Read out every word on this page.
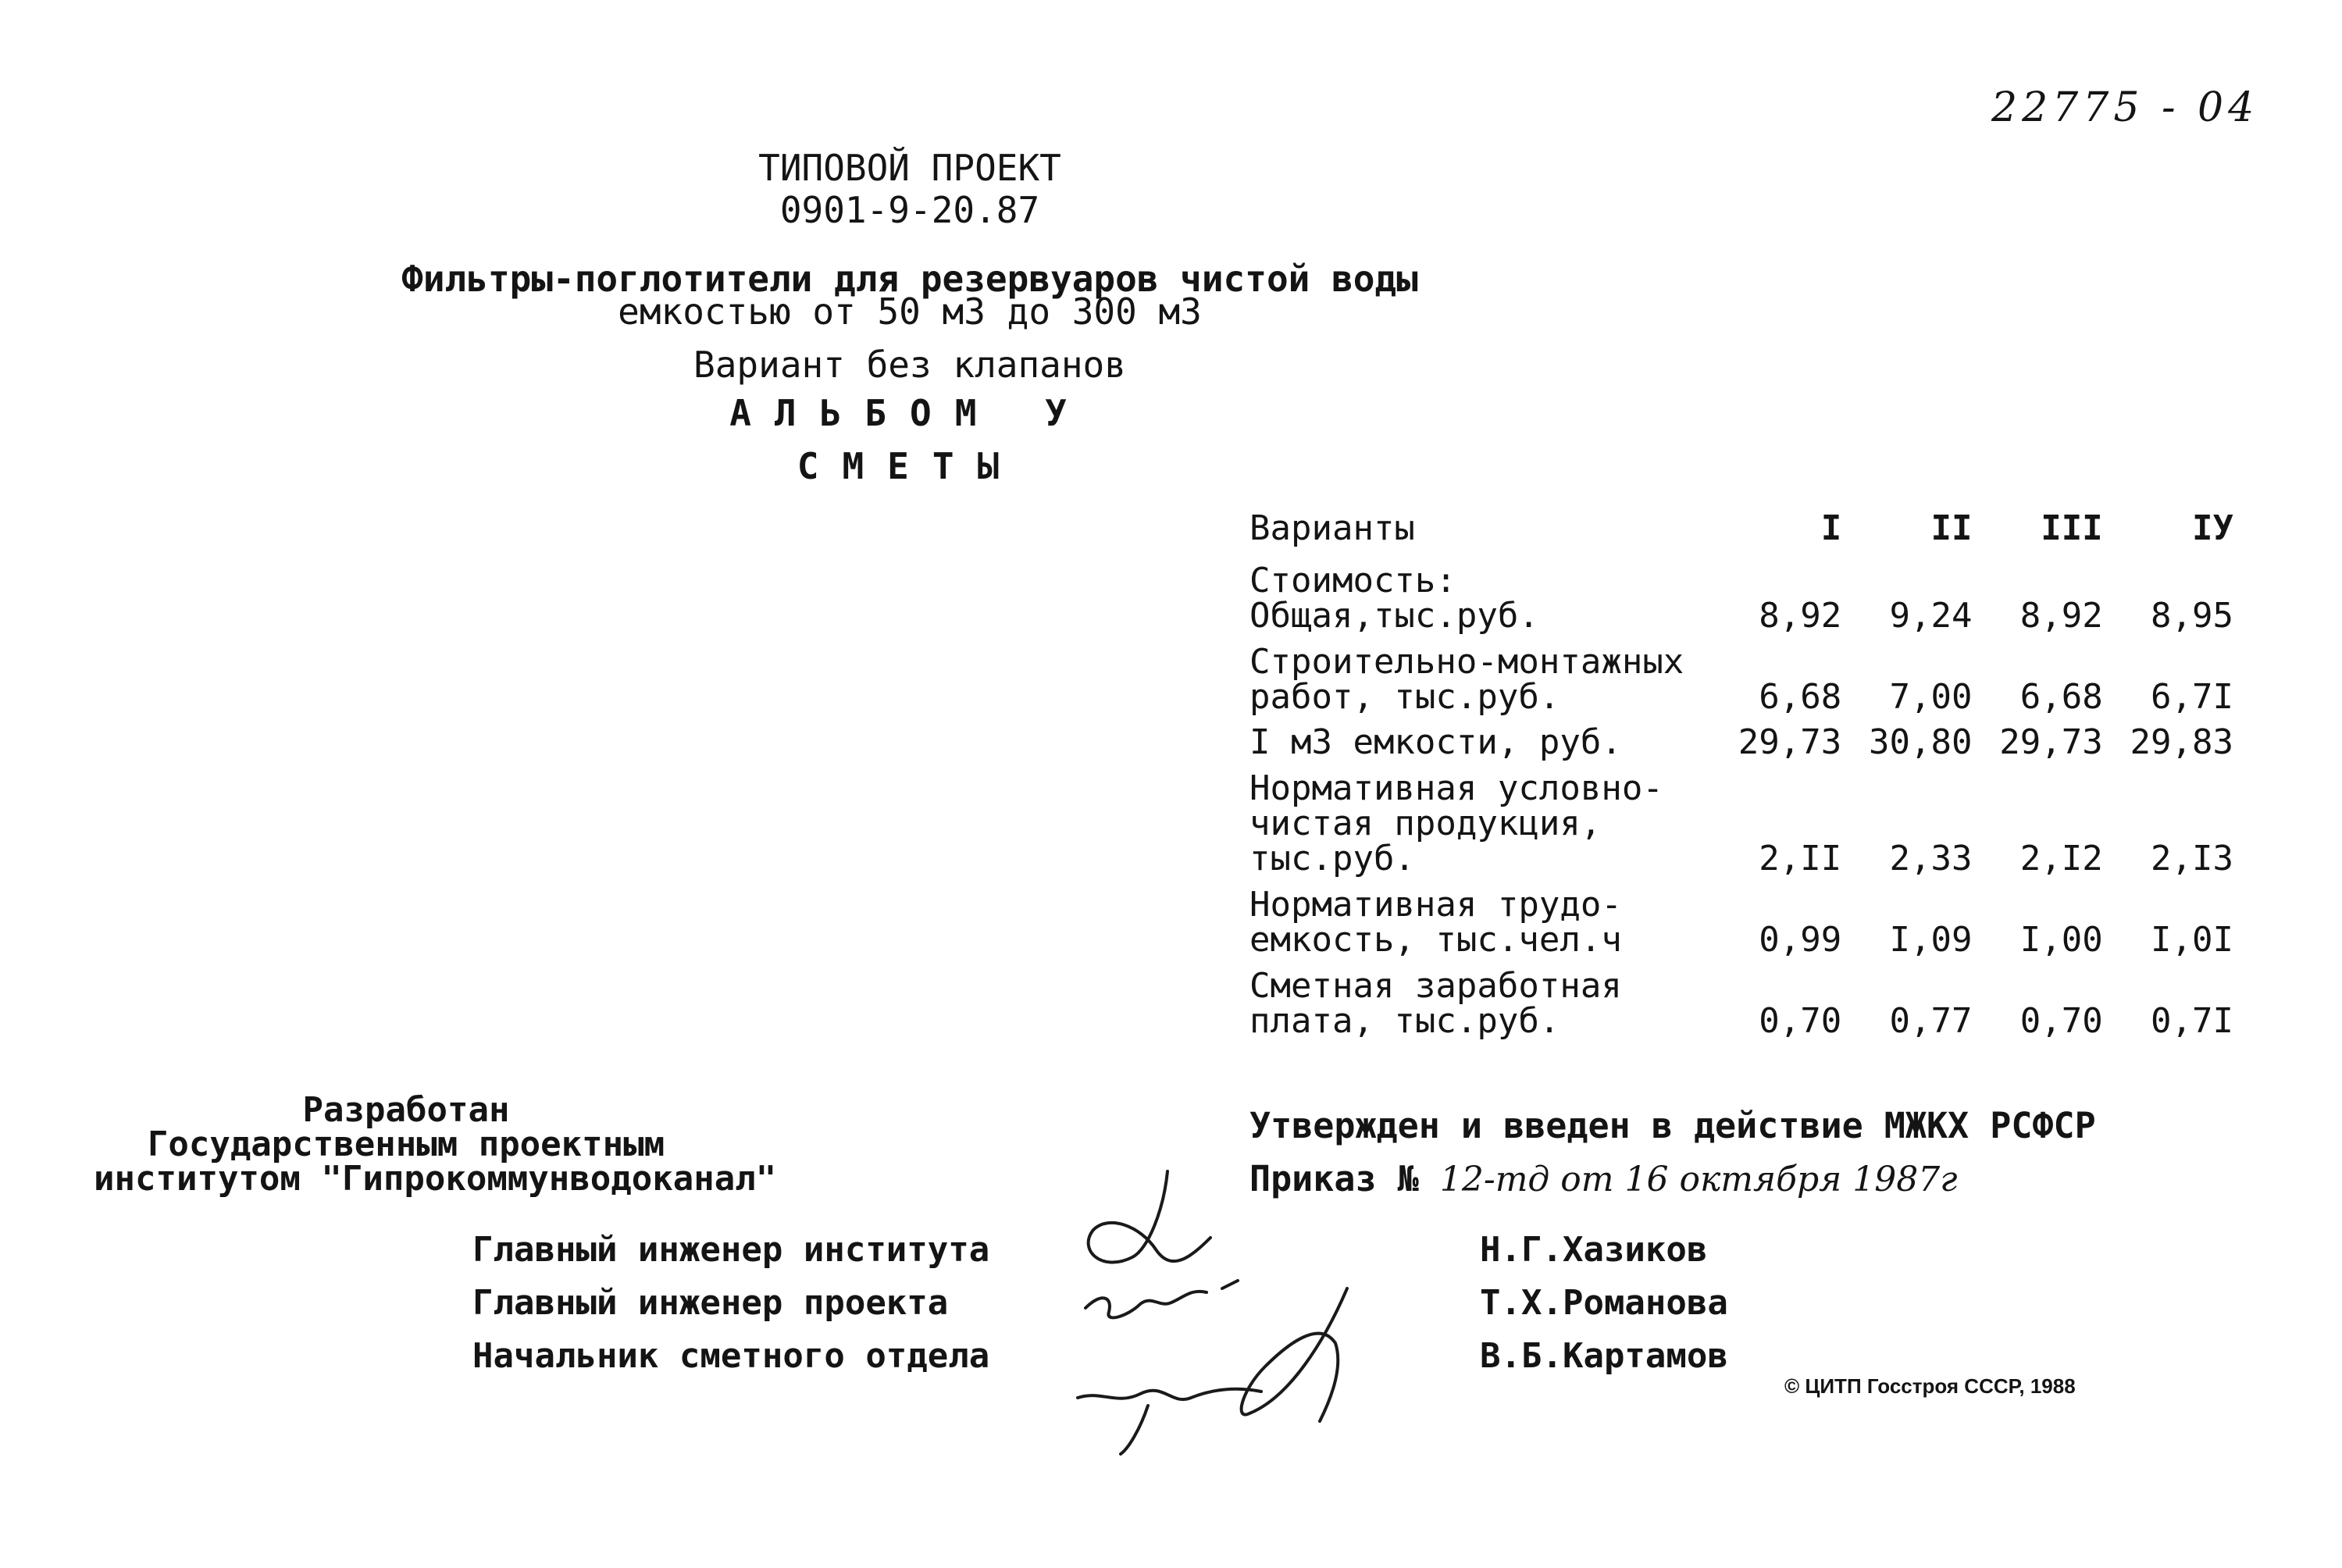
22775 - 04
ТИПОВОЙ ПРОЕКТ
0901-9-20.87
Фильтры-поглотители для резервуаров чистой воды
емкостью от 50 м3 до 300 м3
Вариант без клапанов
АЛЬБОМ У
СМЕТЫ
Варианты	I	II	III	IУ
Стоимость:
Общая,тыс.руб.	8,92	9,24	8,92	8,95
Строительно-монтажных
работ, тыс.руб.	6,68	7,00	6,68	6,7I
I м3 емкости, руб.	29,73	30,80	29,73	29,83
Нормативная условно-
чистая продукция,
тыс.руб.	2,II	2,33	2,I2	2,I3
Нормативная трудо-
емкость, тыс.чел.ч	0,99	I,09	I,00	I,0I
Сметная заработная
плата, тыс.руб.	0,70	0,77	0,70	0,7I
Утвержден и введен в действие МЖКХ РСФСР
Приказ № 12-тд от 16 октября 1987г
Разработан
Государственным проектным
институтом "Гипрокоммунводоканал"
Главный инженер института	Н.Г.Хазиков
Главный инженер проекта	Т.Х.Романова
Начальник сметного отдела	В.Б.Картамов
© ЦИТП Госстроя СССР, 1988
